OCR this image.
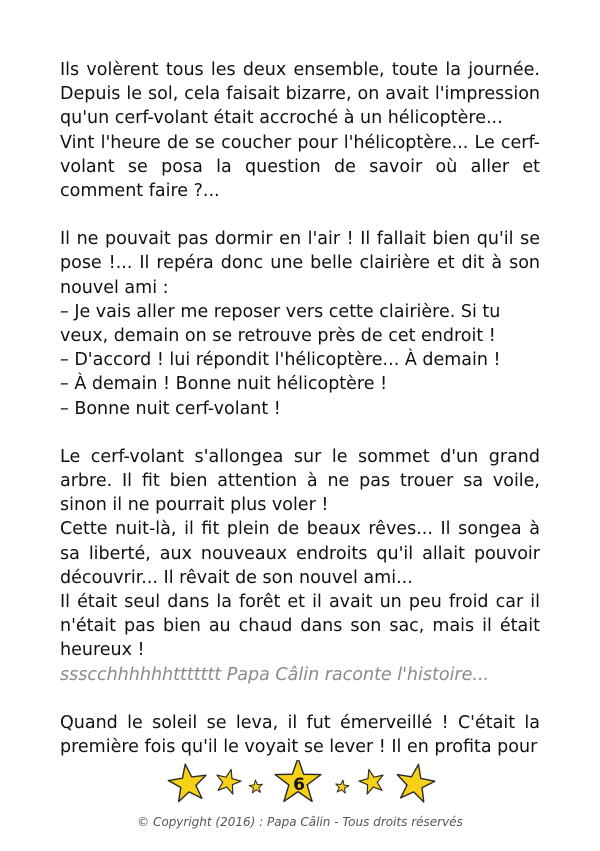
Ils volèrent tous les deux ensemble, toute la journée. Depuis le sol, cela faisait bizarre, on avait l'impression qu'un cerf-volant était accroché à un hélicoptère...

Vint l'heure de se coucher pour l'hélicoptère... Le cerf-volant se posa la question de savoir où aller et comment faire ?...

Il ne pouvait pas dormir en l'air ! Il fallait bien qu'il se pose !... Il repéra donc une belle clairière et dit à son nouvel ami :

– Je vais aller me reposer vers cette clairière. Si tu veux, demain on se retrouve près de cet endroit !

– D'accord ! lui répondit l'hélicoptère... À demain !

– À demain ! Bonne nuit hélicoptère !

– Bonne nuit cerf-volant !

Le cerf-volant s'allongea sur le sommet d'un grand arbre. Il fit bien attention à ne pas trouer sa voile, sinon il ne pourrait plus voler !

Cette nuit-là, il fit plein de beaux rêves... Il songea à sa liberté, aux nouveaux endroits qu'il allait pouvoir découvrir... Il rêvait de son nouvel ami...

Il était seul dans la forêt et il avait un peu froid car il n'était pas bien au chaud dans son sac, mais il était heureux !

ssscchhhhhhttttttt Papa Câlin raconte l'histoire...

Quand le soleil se leva, il fut émerveillé ! C'était la première fois qu'il le voyait se lever ! Il en profita pour

6
© Copyright (2016) : Papa Câlin - Tous droits réservés
